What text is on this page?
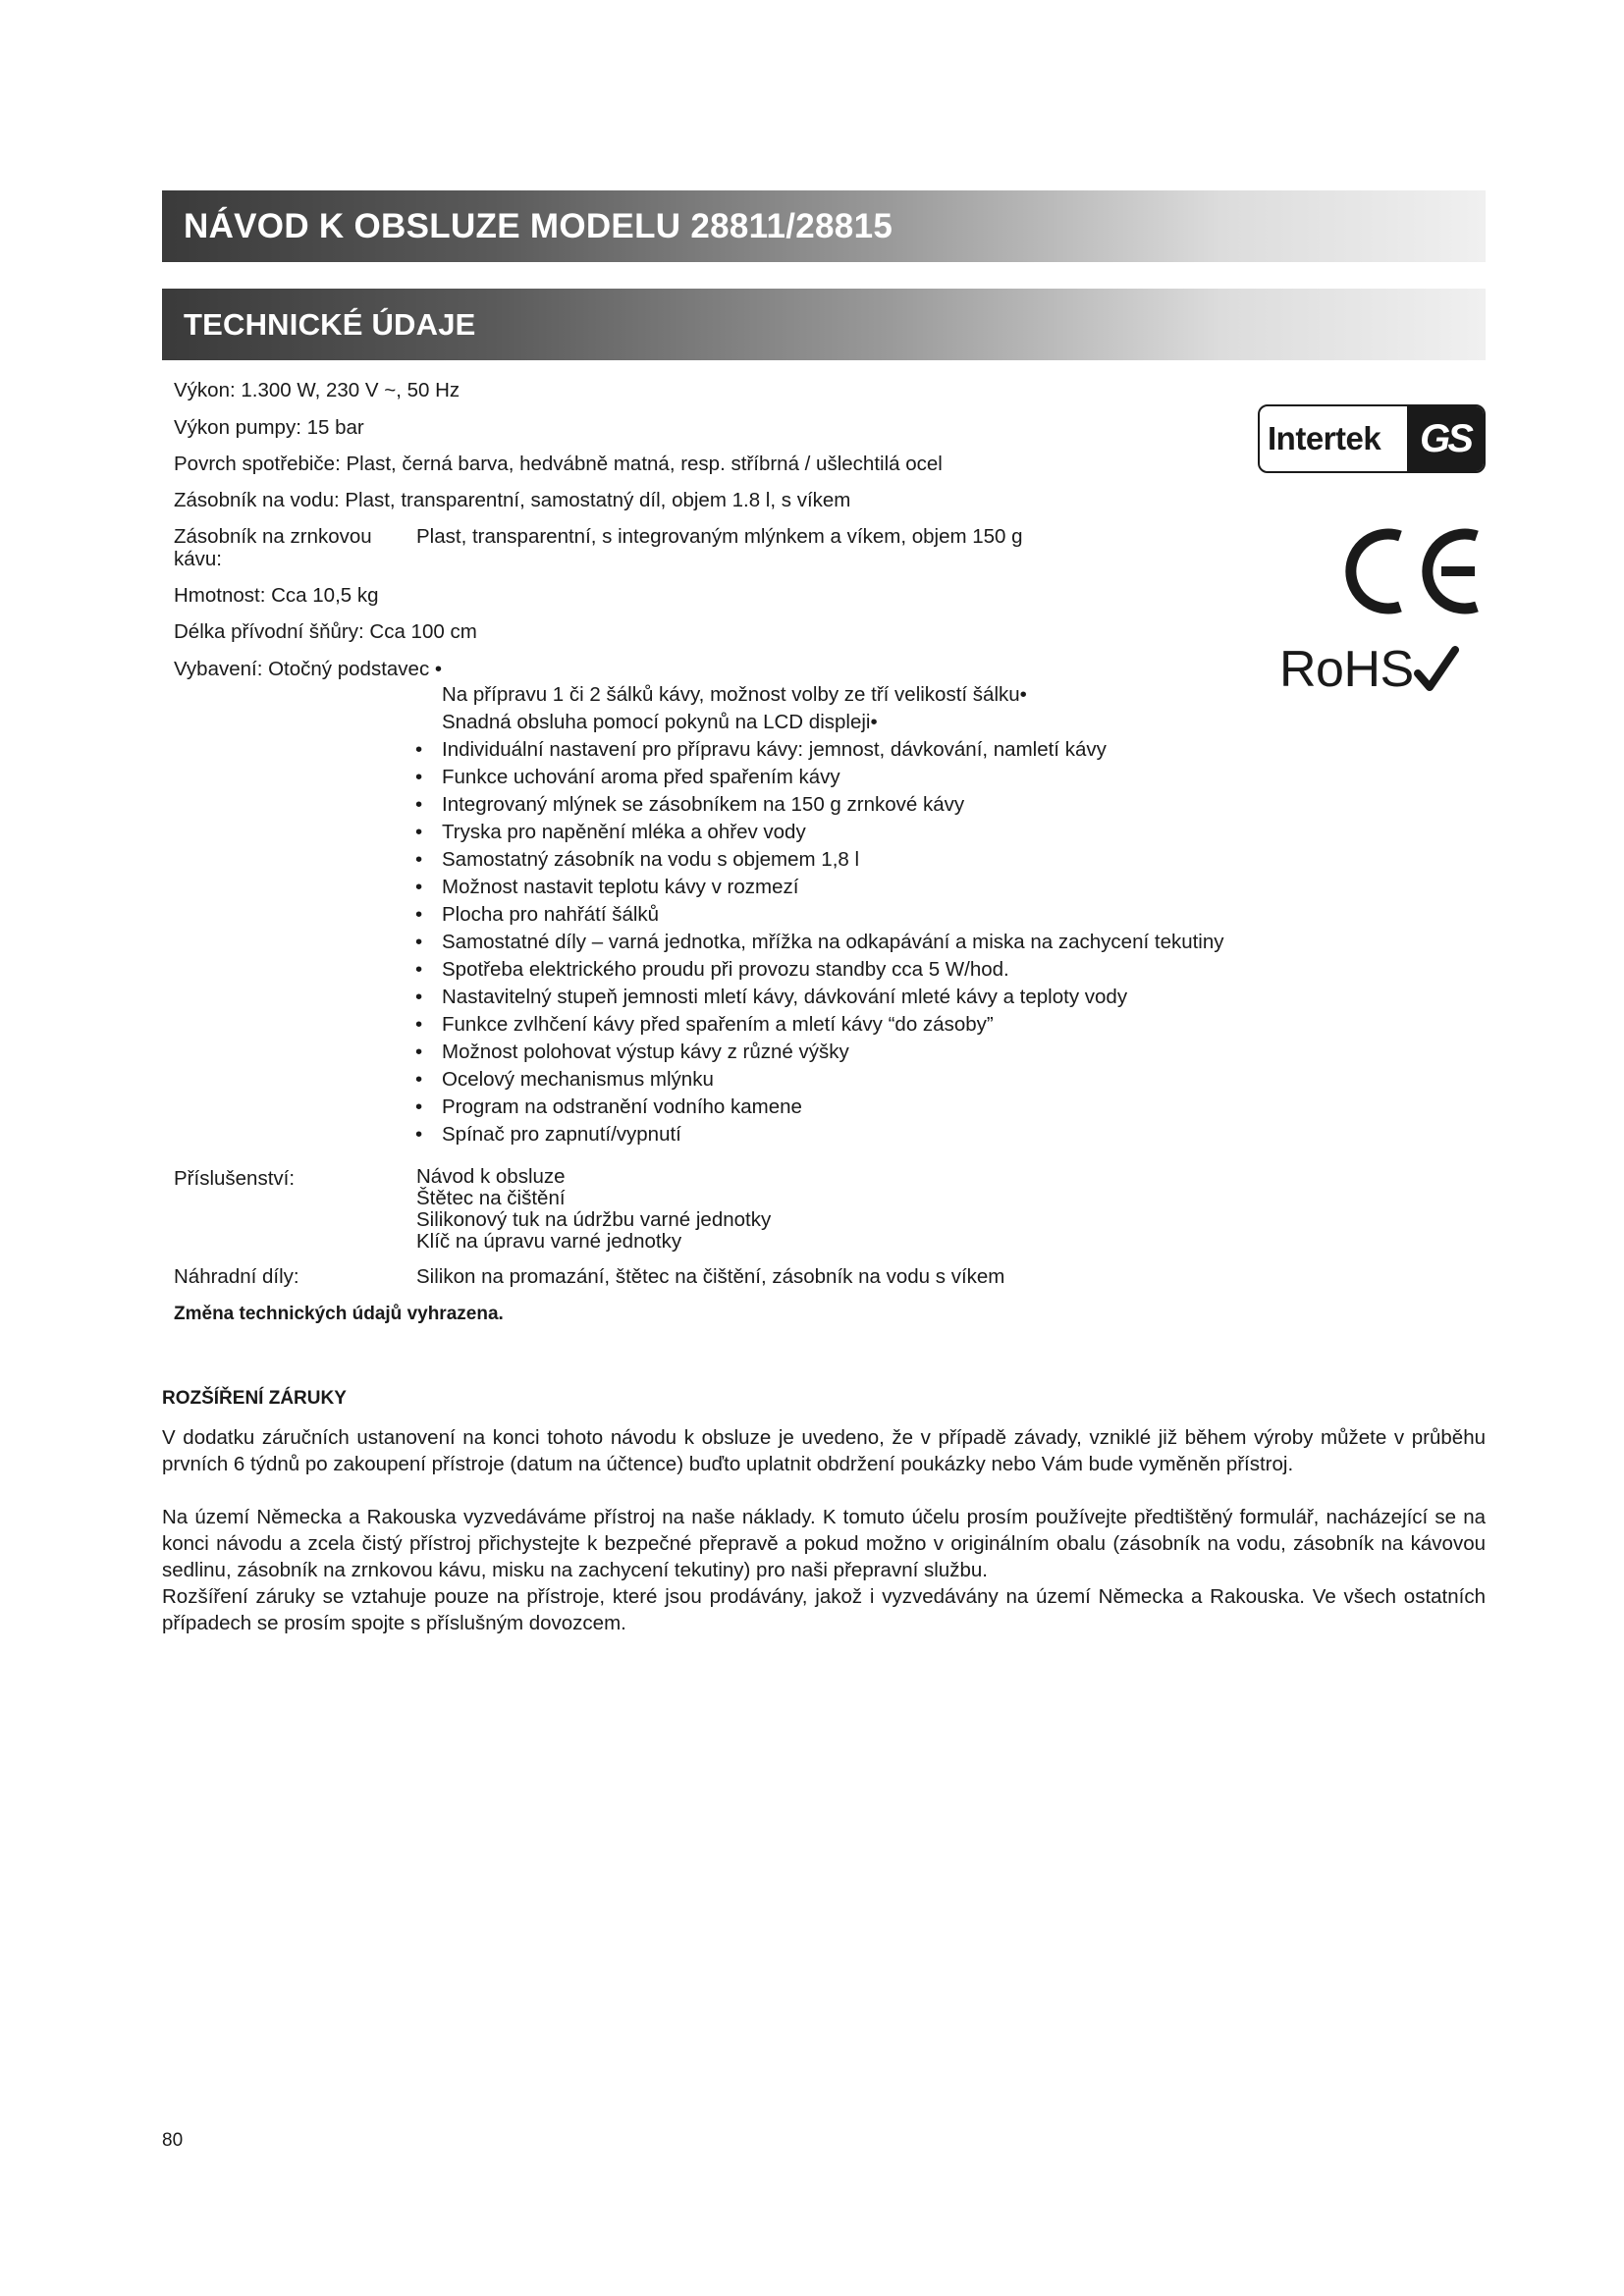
NÁVOD K OBSLUZE MODELU 28811/28815
TECHNICKÉ ÚDAJE
Výkon: 1.300 W, 230 V ~, 50 Hz
Výkon pumpy: 15 bar
Povrch spotřebiče: Plast, černá barva, hedvábně matná, resp. stříbrná / ušlechtilá ocel
Zásobník na vodu: Plast, transparentní, samostatný díl, objem 1.8 l, s víkem
Zásobník na zrnkovou
kávu:
Plast, transparentní, s integrovaným mlýnkem a víkem, objem 150 g
Hmotnost: Cca 10,5 kg
Délka přívodní šňůry: Cca 100 cm
Vybavení: Otočný podstavec •
Na přípravu 1 či 2 šálků kávy, možnost volby ze tří velikostí šálku•
Snadná obsluha pomocí pokynů na LCD displeji•
• Individuální nastavení pro přípravu kávy: jemnost, dávkování, namletí kávy
• Funkce uchování aroma před spařením kávy
• Integrovaný mlýnek se zásobníkem na 150 g zrnkové kávy
• Tryska pro napěnění mléka a ohřev vody
• Samostatný zásobník na vodu s objemem 1,8 l
• Možnost nastavit teplotu kávy v rozmezí
• Plocha pro nahřátí šálků
• Samostatné díly – varná jednotka, mřížka na odkapávání a miska na zachycení tekutiny
• Spotřeba elektrického proudu při provozu standby cca 5 W/hod.
• Nastavitelný stupeň jemnosti mletí kávy, dávkování mleté kávy a teploty vody
• Funkce zvlhčení kávy před spařením a mletí kávy “do zásoby”
• Možnost polohovat výstup kávy z různé výšky
• Ocelový mechanismus mlýnku
• Program na odstranění vodního kamene
• Spínač pro zapnutí/vypnutí
Příslušenství:	Návod k obsluze
Štětec na čištění
Silikonový tuk na údržbu varné jednotky
Klíč na úpravu varné jednotky
Náhradní díly:	Silikon na promazání, štětec na čištění, zásobník na vodu s víkem
Změna technických údajů vyhrazena.
ROZŠÍŘENÍ ZÁRUKY

V dodatku záručních ustanovení na konci tohoto návodu k obsluze je uvedeno, že v případě závady, vzniklé již během výroby můžete v průběhu prvních 6 týdnů po zakoupení přístroje (datum na účtence) buďto uplatnit obdržení poukázky nebo Vám bude vyměněn přístroj.

Na území Německa a Rakouska vyzvedáváme přístroj na naše náklady. K tomuto účelu prosím používejte předtištěný formulář, nacházející se na konci návodu a zcela čistý přístroj přichystejte k bezpečné přepravě a pokud možno v originálním obalu (zásobník na vodu, zásobník na kávovou sedlinu, zásobník na zrnkovou kávu, misku na zachycení tekutiny) pro naši přepravní službu.

Rozšíření záruky se vztahuje pouze na přístroje, které jsou prodávány, jakož i vyzvedávány na území Německa a Rakouska. Ve všech ostatních případech se prosím spojte s příslušným dovozcem.

Intertek GS
RoHS
80
